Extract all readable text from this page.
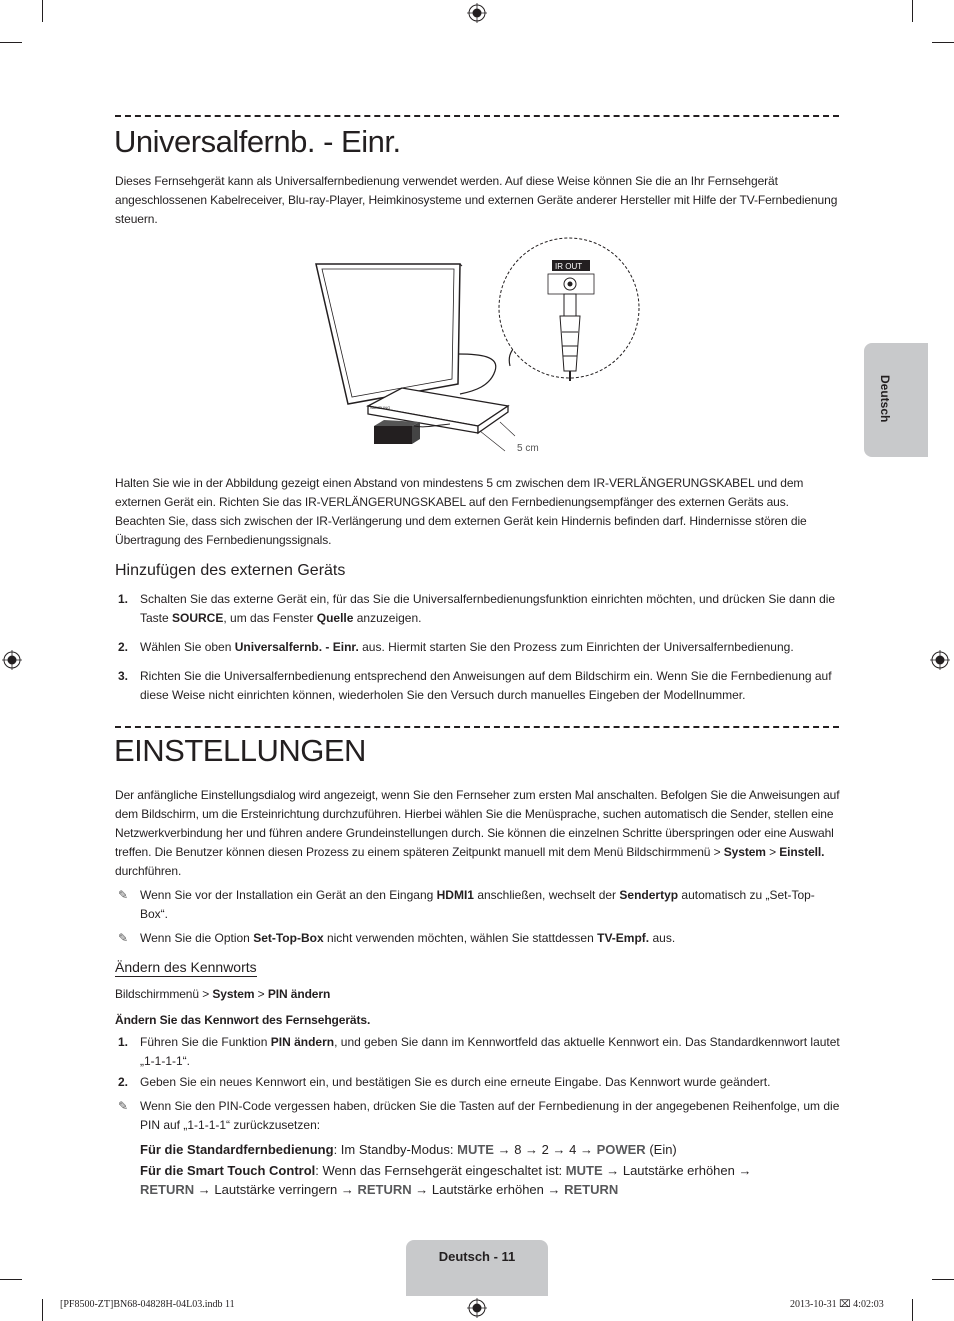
Universalfernb. - Einr.
Dieses Fernsehgerät kann als Universalfernbedienung verwendet werden. Auf diese Weise können Sie die an Ihr Fernsehgerät angeschlossenen Kabelreceiver, Blu-ray-Player, Heimkinosysteme und externen Geräte anderer Hersteller mit Hilfe der TV-Fernbedienung steuern.
SAMSUNG
5 cm
IR OUT
Halten Sie wie in der Abbildung gezeigt einen Abstand von mindestens 5 cm zwischen dem IR-VERLÄNGERUNGSKABEL und dem externen Gerät ein. Richten Sie das IR-VERLÄNGERUNGSKABEL auf den Fernbedienungsempfänger des externen Geräts aus. Beachten Sie, dass sich zwischen der IR-Verlängerung und dem externen Gerät kein Hindernis befinden darf. Hindernisse stören die Übertragung des Fernbedienungssignals.
Hinzufügen des externen Geräts
1. Schalten Sie das externe Gerät ein, für das Sie die Universalfernbedienungsfunktion einrichten möchten, und drücken Sie dann die Taste SOURCE, um das Fenster Quelle anzuzeigen.
2. Wählen Sie oben Universalfernb. - Einr. aus. Hiermit starten Sie den Prozess zum Einrichten der Universalfernbedienung.
3. Richten Sie die Universalfernbedienung entsprechend den Anweisungen auf dem Bildschirm ein. Wenn Sie die Fernbedienung auf diese Weise nicht einrichten können, wiederholen Sie den Versuch durch manuelles Eingeben der Modellnummer.
EINSTELLUNGEN
Der anfängliche Einstellungsdialog wird angezeigt, wenn Sie den Fernseher zum ersten Mal anschalten. Befolgen Sie die Anweisungen auf dem Bildschirm, um die Ersteinrichtung durchzuführen. Hierbei wählen Sie die Menüsprache, suchen automatisch die Sender, stellen eine Netzwerkverbindung her und führen andere Grundeinstellungen durch. Sie können die einzelnen Schritte überspringen oder eine Auswahl treffen. Die Benutzer können diesen Prozess zu einem späteren Zeitpunkt manuell mit dem Menü Bildschirmmenü > System > Einstell. durchführen.
✎ Wenn Sie vor der Installation ein Gerät an den Eingang HDMI1 anschließen, wechselt der Sendertyp automatisch zu „Set-Top-Box“.
✎ Wenn Sie die Option Set-Top-Box nicht verwenden möchten, wählen Sie stattdessen TV-Empf. aus.
Ändern des Kennworts
Bildschirmmenü > System > PIN ändern
Ändern Sie das Kennwort des Fernsehgeräts.
1. Führen Sie die Funktion PIN ändern, und geben Sie dann im Kennwortfeld das aktuelle Kennwort ein. Das Standardkennwort lautet „1-1-1-1“.
2. Geben Sie ein neues Kennwort ein, und bestätigen Sie es durch eine erneute Eingabe. Das Kennwort wurde geändert.
✎ Wenn Sie den PIN-Code vergessen haben, drücken Sie die Tasten auf der Fernbedienung in der angegebenen Reihenfolge, um die PIN auf „1-1-1-1“ zurückzusetzen:
Für die Standardfernbedienung: Im Standby-Modus: MUTE → 8 → 2 → 4 → POWER (Ein)
Für die Smart Touch Control: Wenn das Fernsehgerät eingeschaltet ist: MUTE → Lautstärke erhöhen →
RETURN → Lautstärke verringern → RETURN → Lautstärke erhöhen → RETURN
Deutsch
Deutsch - 11
[PF8500-ZT]BN68-04828H-04L03.indb 11	2013-10-31 ⌧ 4:02:03
